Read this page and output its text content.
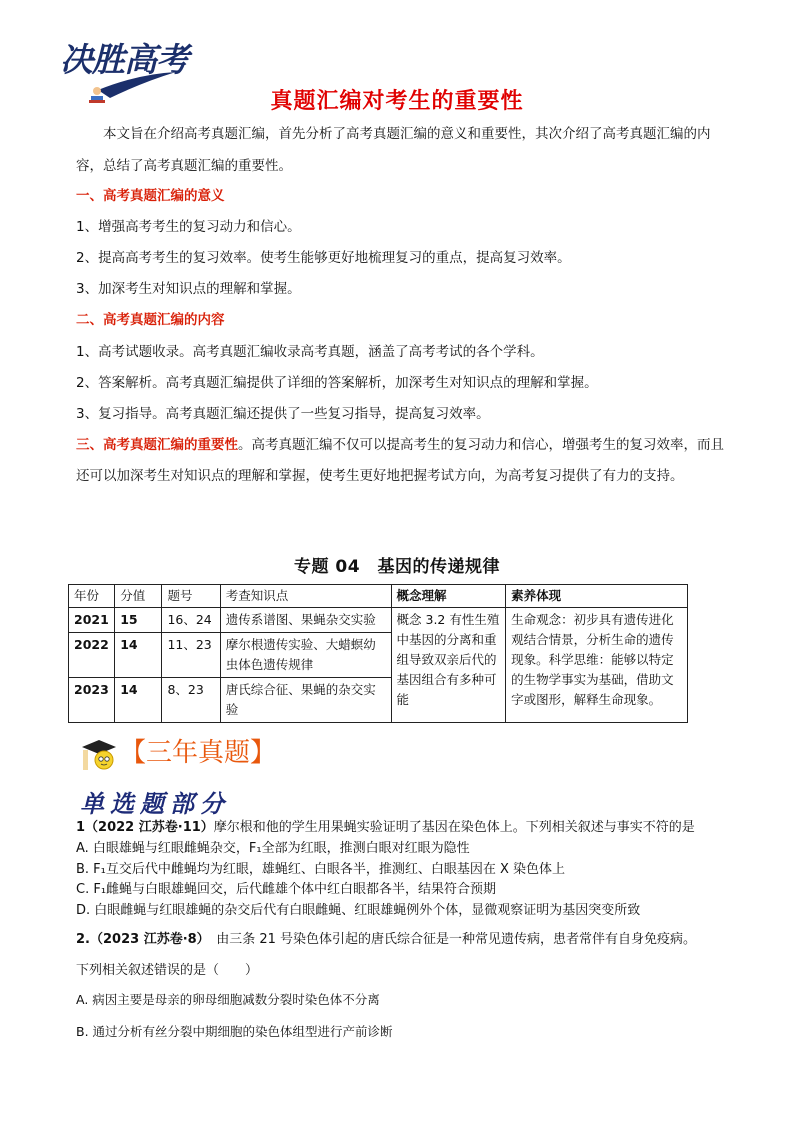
决胜高考
真题汇编对考生的重要性
本文旨在介绍高考真题汇编，首先分析了高考真题汇编的意义和重要性，其次介绍了高考真题汇编的内容，总结了高考真题汇编的重要性。
一、高考真题汇编的意义
1、增强高考考生的复习动力和信心。
2、提高高考考生的复习效率。使考生能够更好地梳理复习的重点，提高复习效率。
3、加深考生对知识点的理解和掌握。
二、高考真题汇编的内容
1、高考试题收录。高考真题汇编收录高考真题，涵盖了高考考试的各个学科。
2、答案解析。高考真题汇编提供了详细的答案解析，加深考生对知识点的理解和掌握。
3、复习指导。高考真题汇编还提供了一些复习指导，提高复习效率。
三、高考真题汇编的重要性。高考真题汇编不仅可以提高考生的复习动力和信心，增强考生的复习效率，而且还可以加深考生对知识点的理解和掌握，使考生更好地把握考试方向，为高考复习提供了有力的支持。
专题 04　基因的传递规律
年份	分值	题号	考查知识点	概念理解	素养体现
2021	15	16、24	遗传系谱图、果蝇杂交实验	概念 3.2 有性生殖中基因的分离和重组导致双亲后代的基因组合有多种可能	生命观念：初步具有遗传进化观结合情景，分析生命的遗传现象。科学思维：能够以特定的生物学事实为基础，借助文字或图形，解释生命现象。
2022	14	11、23	摩尔根遗传实验、大蜡螟幼虫体色遗传规律		
2023	14	8、23	唐氏综合征、果蝇的杂交实验		
【三年真题】
单选题部分
1（2022 江苏卷·11）摩尔根和他的学生用果蝇实验证明了基因在染色体上。下列相关叙述与事实不符的是
A. 白眼雄蝇与红眼雌蝇杂交，F₁全部为红眼，推测白眼对红眼为隐性
B. F₁互交后代中雌蝇均为红眼，雄蝇红、白眼各半，推测红、白眼基因在 X 染色体上
C. F₁雌蝇与白眼雄蝇回交，后代雌雄个体中红白眼都各半，结果符合预期
D. 白眼雌蝇与红眼雄蝇的杂交后代有白眼雌蝇、红眼雄蝇例外个体，显微观察证明为基因突变所致
2.（2023 江苏卷·8）　由三条 21 号染色体引起的唐氏综合征是一种常见遗传病，患者常伴有自身免疫病。
下列相关叙述错误的是（　　）
A. 病因主要是母亲的卵母细胞减数分裂时染色体不分离
B. 通过分析有丝分裂中期细胞的染色体组型进行产前诊断
